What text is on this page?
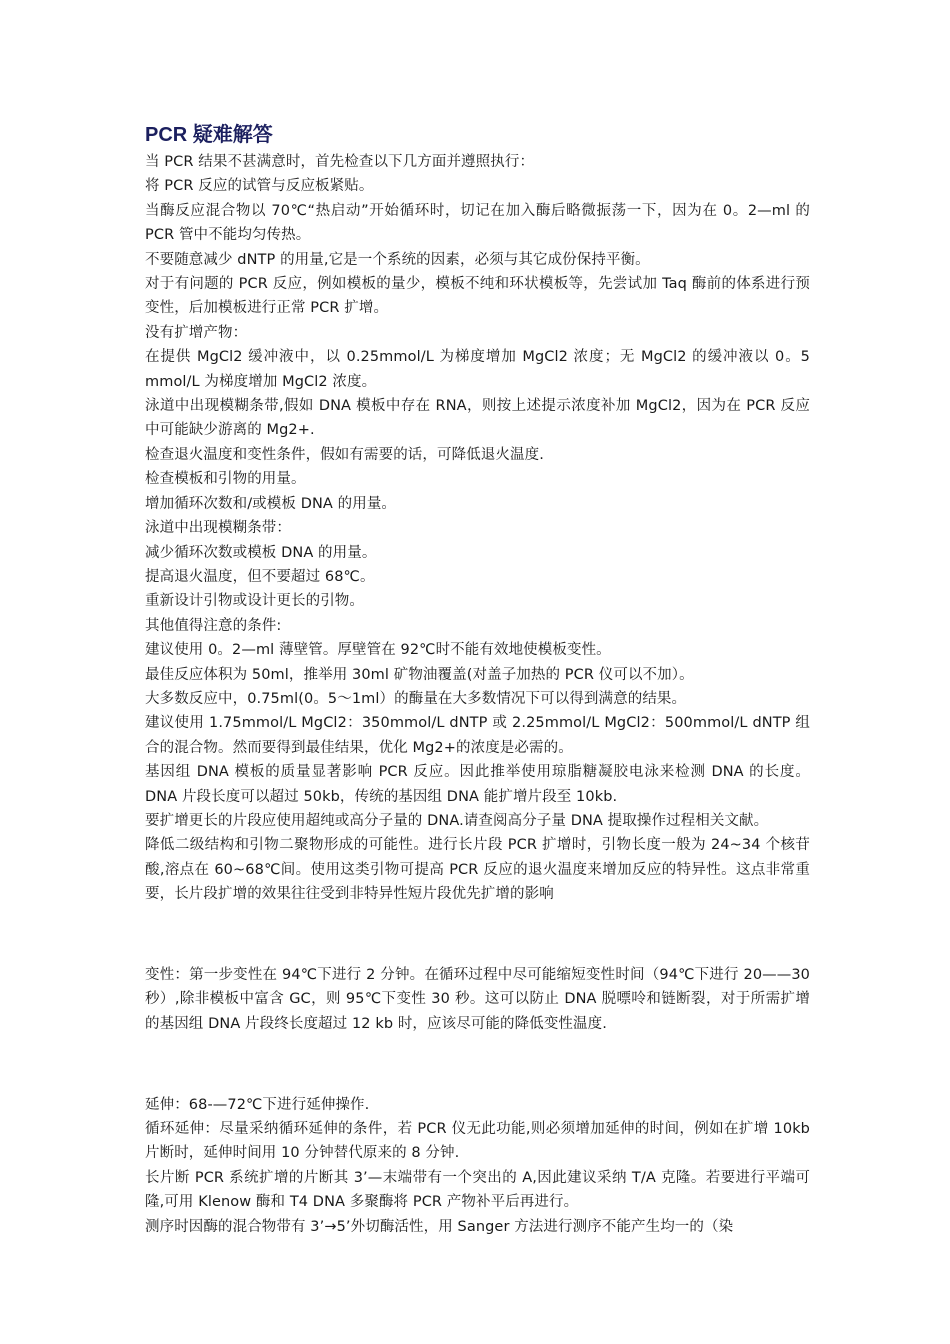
PCR 疑难解答

当 PCR 结果不甚满意时，首先检查以下几方面并遵照执行：

将 PCR 反应的试管与反应板紧贴。

当酶反应混合物以 70℃“热启动”开始循环时，切记在加入酶后略微振荡一下，因为在 0。2—ml 的 PCR 管中不能均匀传热。

不要随意减少 dNTP 的用量,它是一个系统的因素，必须与其它成份保持平衡。

对于有问题的 PCR 反应，例如模板的量少，模板不纯和环状模板等，先尝试加 Taq 酶前的体系进行预变性，后加模板进行正常 PCR 扩增。

没有扩增产物：

在提供 MgCl2 缓冲液中，以 0.25mmol/L 为梯度增加 MgCl2 浓度；无 MgCl2 的缓冲液以 0。5 mmol/L 为梯度增加 MgCl2 浓度。

泳道中出现模糊条带,假如 DNA 模板中存在 RNA，则按上述提示浓度补加 MgCl2，因为在 PCR 反应中可能缺少游离的 Mg2+.

检查退火温度和变性条件，假如有需要的话，可降低退火温度.

检查模板和引物的用量。

增加循环次数和/或模板 DNA 的用量。

泳道中出现模糊条带：

减少循环次数或模板 DNA 的用量。

提高退火温度，但不要超过 68℃。

重新设计引物或设计更长的引物。

其他值得注意的条件:

建议使用 0。2—ml 薄壁管。厚壁管在 92℃时不能有效地使模板变性。

最佳反应体积为 50ml，推举用 30ml 矿物油覆盖(对盖子加热的 PCR 仪可以不加）。

大多数反应中，0.75ml(0。5～1ml）的酶量在大多数情况下可以得到满意的结果。

建议使用 1.75mmol/L MgCl2：350mmol/L dNTP 或 2.25mmol/L MgCl2：500mmol/L dNTP 组合的混合物。然而要得到最佳结果，优化 Mg2+的浓度是必需的。

基因组 DNA 模板的质量显著影响 PCR 反应。因此推举使用琼脂糖凝胶电泳来检测 DNA 的长度。DNA 片段长度可以超过 50kb，传统的基因组 DNA 能扩增片段至 10kb.

要扩增更长的片段应使用超纯或高分子量的 DNA.请查阅高分子量 DNA 提取操作过程相关文献。

降低二级结构和引物二聚物形成的可能性。进行长片段 PCR 扩增时，引物长度一般为 24~34 个核苷酸,溶点在 60~68℃间。使用这类引物可提高 PCR 反应的退火温度来增加反应的特异性。这点非常重要，长片段扩增的效果往往受到非特异性短片段优先扩增的影响

变性：第一步变性在 94℃下进行 2 分钟。在循环过程中尽可能缩短变性时间（94℃下进行 20——30 秒）,除非模板中富含 GC，则 95℃下变性 30 秒。这可以防止 DNA 脱嘌呤和链断裂，对于所需扩增的基因组 DNA 片段终长度超过 12 kb 时，应该尽可能的降低变性温度.

延伸：68-—72℃下进行延伸操作.

循环延伸：尽量采纳循环延伸的条件，若 PCR 仪无此功能,则必须增加延伸的时间，例如在扩增 10kb 片断时，延伸时间用 10 分钟替代原来的 8 分钟.

长片断 PCR 系统扩增的片断其 3’—末端带有一个突出的 A,因此建议采纳 T/A 克隆。若要进行平端可隆,可用 Klenow 酶和 T4 DNA 多聚酶将 PCR 产物补平后再进行。

测序时因酶的混合物带有 3’→5’外切酶活性，用 Sanger 方法进行测序不能产生均一的（染
